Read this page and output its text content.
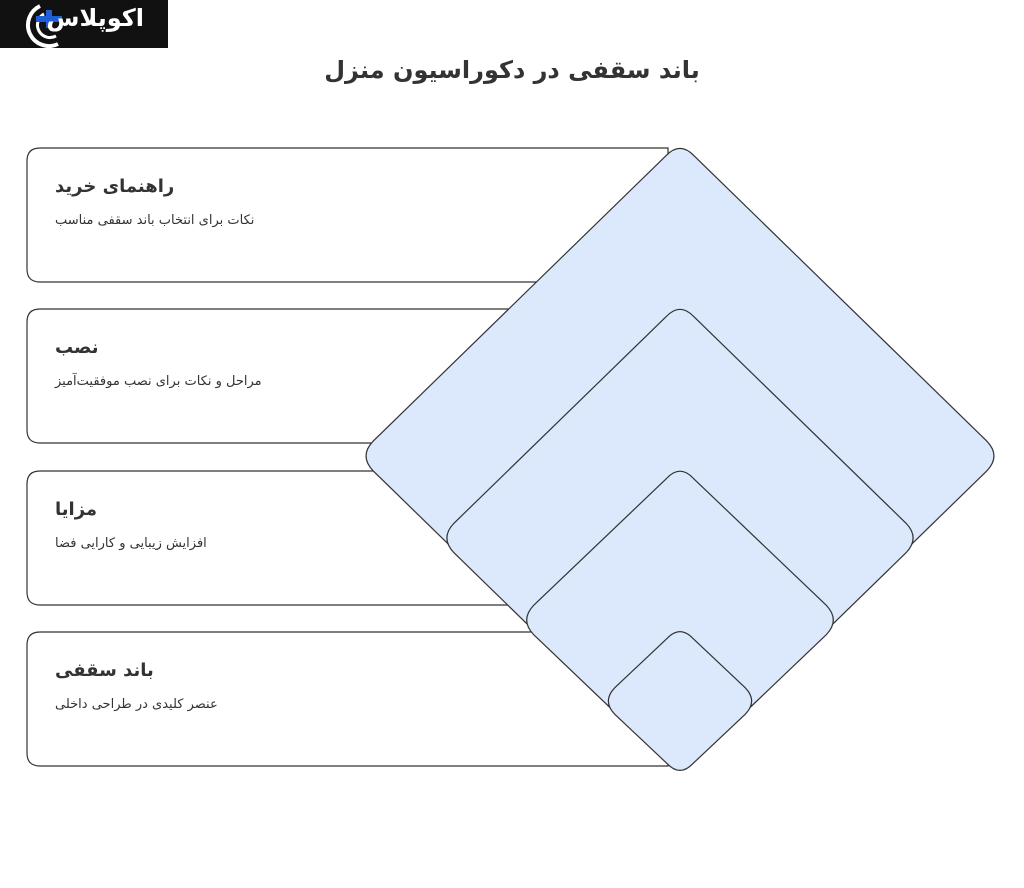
اکوپلاس
باند سقفی در دکوراسیون منزل
راهنمای خرید
نکات برای انتخاب باند سقفی مناسب
نصب
مراحل و نکات برای نصب موفقیت‌آمیز
مزایا
افزایش زیبایی و کارایی فضا
باند سقفی
عنصر کلیدی در طراحی داخلی
